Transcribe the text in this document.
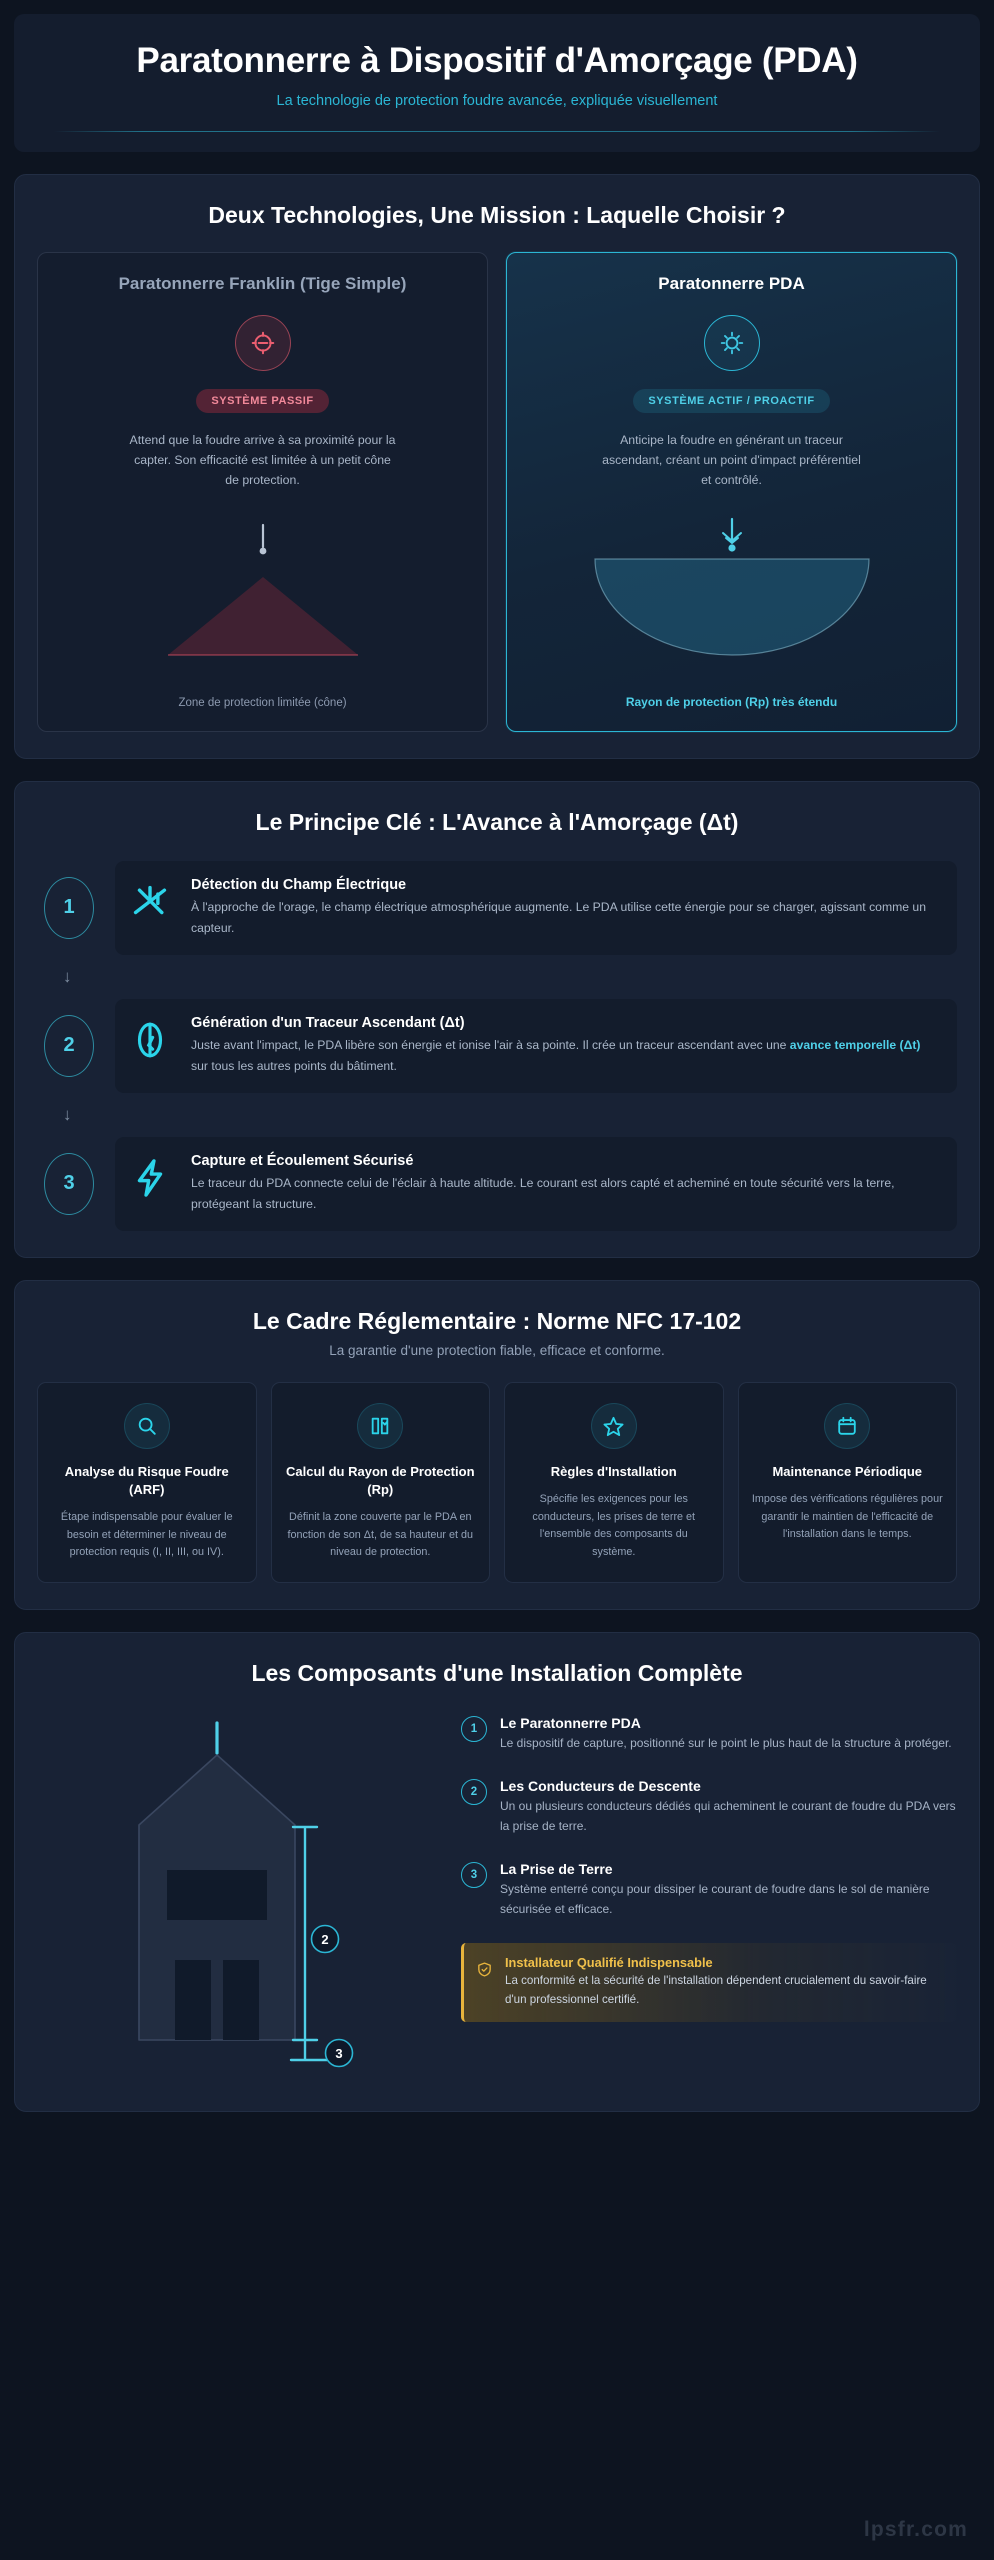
Paratonnerre à Dispositif d'Amorçage (PDA)
La technologie de protection foudre avancée, expliquée visuellement
Deux Technologies, Une Mission : Laquelle Choisir ?
Paratonnerre Franklin (Tige Simple)
SYSTÈME PASSIF

Attend que la foudre arrive à sa proximité pour la capter. Son efficacité est limitée à un petit cône de protection.

Zone de protection limitée (cône)
Paratonnerre PDA
SYSTÈME ACTIF / PROACTIF

Anticipe la foudre en générant un traceur ascendant, créant un point d'impact préférentiel et contrôlé.

Rayon de protection (Rp) très étendu
Le Principe Clé : L'Avance à l'Amorçage (Δt)
1
Détection du Champ Électrique

À l'approche de l'orage, le champ électrique atmosphérique augmente. Le PDA utilise cette énergie pour se charger, agissant comme un capteur.

↓
2
Génération d'un Traceur Ascendant (Δt)

Juste avant l'impact, le PDA libère son énergie et ionise l'air à sa pointe. Il crée un traceur ascendant avec une avance temporelle (Δt) sur tous les autres points du bâtiment.

↓
3
Capture et Écoulement Sécurisé

Le traceur du PDA connecte celui de l'éclair à haute altitude. Le courant est alors capté et acheminé en toute sécurité vers la terre, protégeant la structure.

Le Cadre Réglementaire : Norme NFC 17-102
La garantie d'une protection fiable, efficace et conforme.
Analyse du Risque Foudre (ARF)

Étape indispensable pour évaluer le besoin et déterminer le niveau de protection requis (I, II, III, ou IV).

Calcul du Rayon de Protection (Rp)

Définit la zone couverte par le PDA en fonction de son Δt, de sa hauteur et du niveau de protection.

Règles d'Installation

Spécifie les exigences pour les conducteurs, les prises de terre et l'ensemble des composants du système.

Maintenance Périodique

Impose des vérifications régulières pour garantir le maintien de l'efficacité de l'installation dans le temps.

Les Composants d'une Installation Complète
2
3
1	Le Paratonnerre PDA

Le dispositif de capture, positionné sur le point le plus haut de la structure à protéger.

2	Les Conducteurs de Descente

Un ou plusieurs conducteurs dédiés qui acheminent le courant de foudre du PDA vers la prise de terre.

3	La Prise de Terre

Système enterré conçu pour dissiper le courant de foudre dans le sol de manière sécurisée et efficace.

Installateur Qualifié Indispensable

La conformité et la sécurité de l'installation dépendent crucialement du savoir-faire d'un professionnel certifié.

lpsfr.com
